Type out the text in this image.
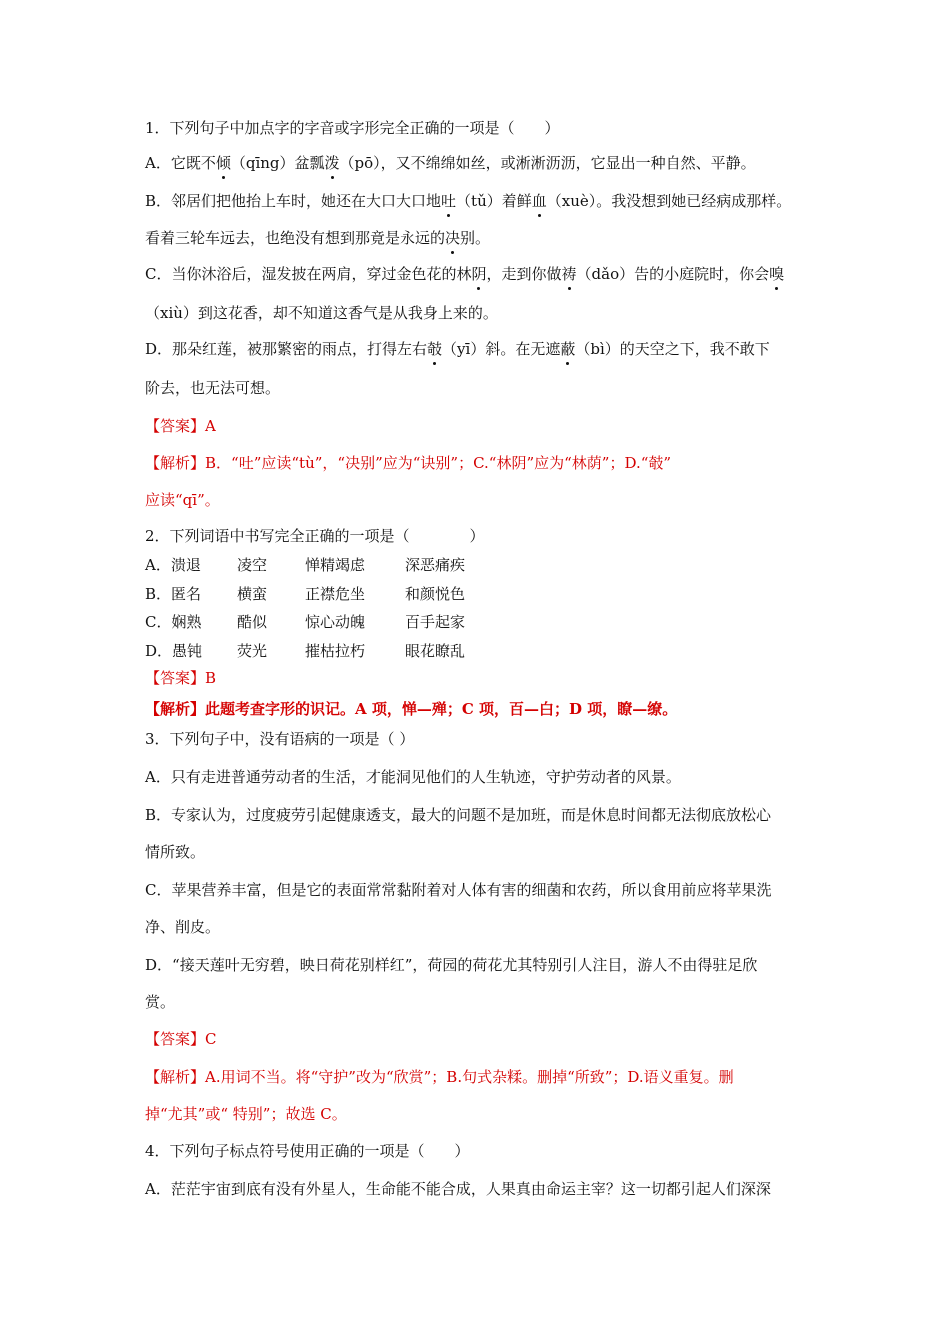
1．下列句子中加点字的字音或字形完全正确的一项是（　　）
A．它既不倾（qīng）盆瓢泼（pō），又不绵绵如丝，或淅淅沥沥，它显出一种自然、平静。
B．邻居们把他抬上车时，她还在大口大口地吐（tǔ）着鲜血（xuè）。我没想到她已经病成那样。
看着三轮车远去，也绝没有想到那竟是永远的决别。
C．当你沐浴后，湿发披在两肩，穿过金色花的林阴，走到你做祷（dǎo）告的小庭院时，你会嗅
（xiù）到这花香，却不知道这香气是从我身上来的。
D．那朵红莲，被那繁密的雨点，打得左右攲（yī）斜。在无遮蔽（bì）的天空之下，我不敢下
阶去，也无法可想。
【答案】A
【解析】B．“吐”应读“tù”，“决别”应为“诀别”；C.“林阴”应为“林荫”；D.“攲”
应读“qī”。
2．下列词语中书写完全正确的一项是（　　　　）
A．溃退 凌空	惮精竭虑	深恶痛疾
B．匿名 横蛮	正襟危坐	和颜悦色
C．娴熟 酷似	惊心动魄	百手起家
D．愚钝 荧光	摧枯拉朽	眼花瞭乱
【答案】B
【解析】此题考查字形的识记。A 项，惮—殚；C 项，百—白；D 项，瞭—缭。
3．下列句子中，没有语病的一项是（ ）
A．只有走进普通劳动者的生活，才能洞见他们的人生轨迹，守护劳动者的风景。
B．专家认为，过度疲劳引起健康透支，最大的问题不是加班，而是休息时间都无法彻底放松心
情所致。
C．苹果营养丰富，但是它的表面常常黏附着对人体有害的细菌和农药，所以食用前应将苹果洗
净、削皮。
D．“接天莲叶无穷碧，映日荷花别样红”，荷园的荷花尤其特别引人注目，游人不由得驻足欣
赏。
【答案】C
【解析】A.用词不当。将“守护”改为“欣赏”；B.句式杂糅。删掉“所致”；D.语义重复。删
掉“尤其”或“ 特别”；故选 C。
4．下列句子标点符号使用正确的一项是（　　）
A．茫茫宇宙到底有没有外星人，生命能不能合成，人果真由命运主宰？这一切都引起人们深深
